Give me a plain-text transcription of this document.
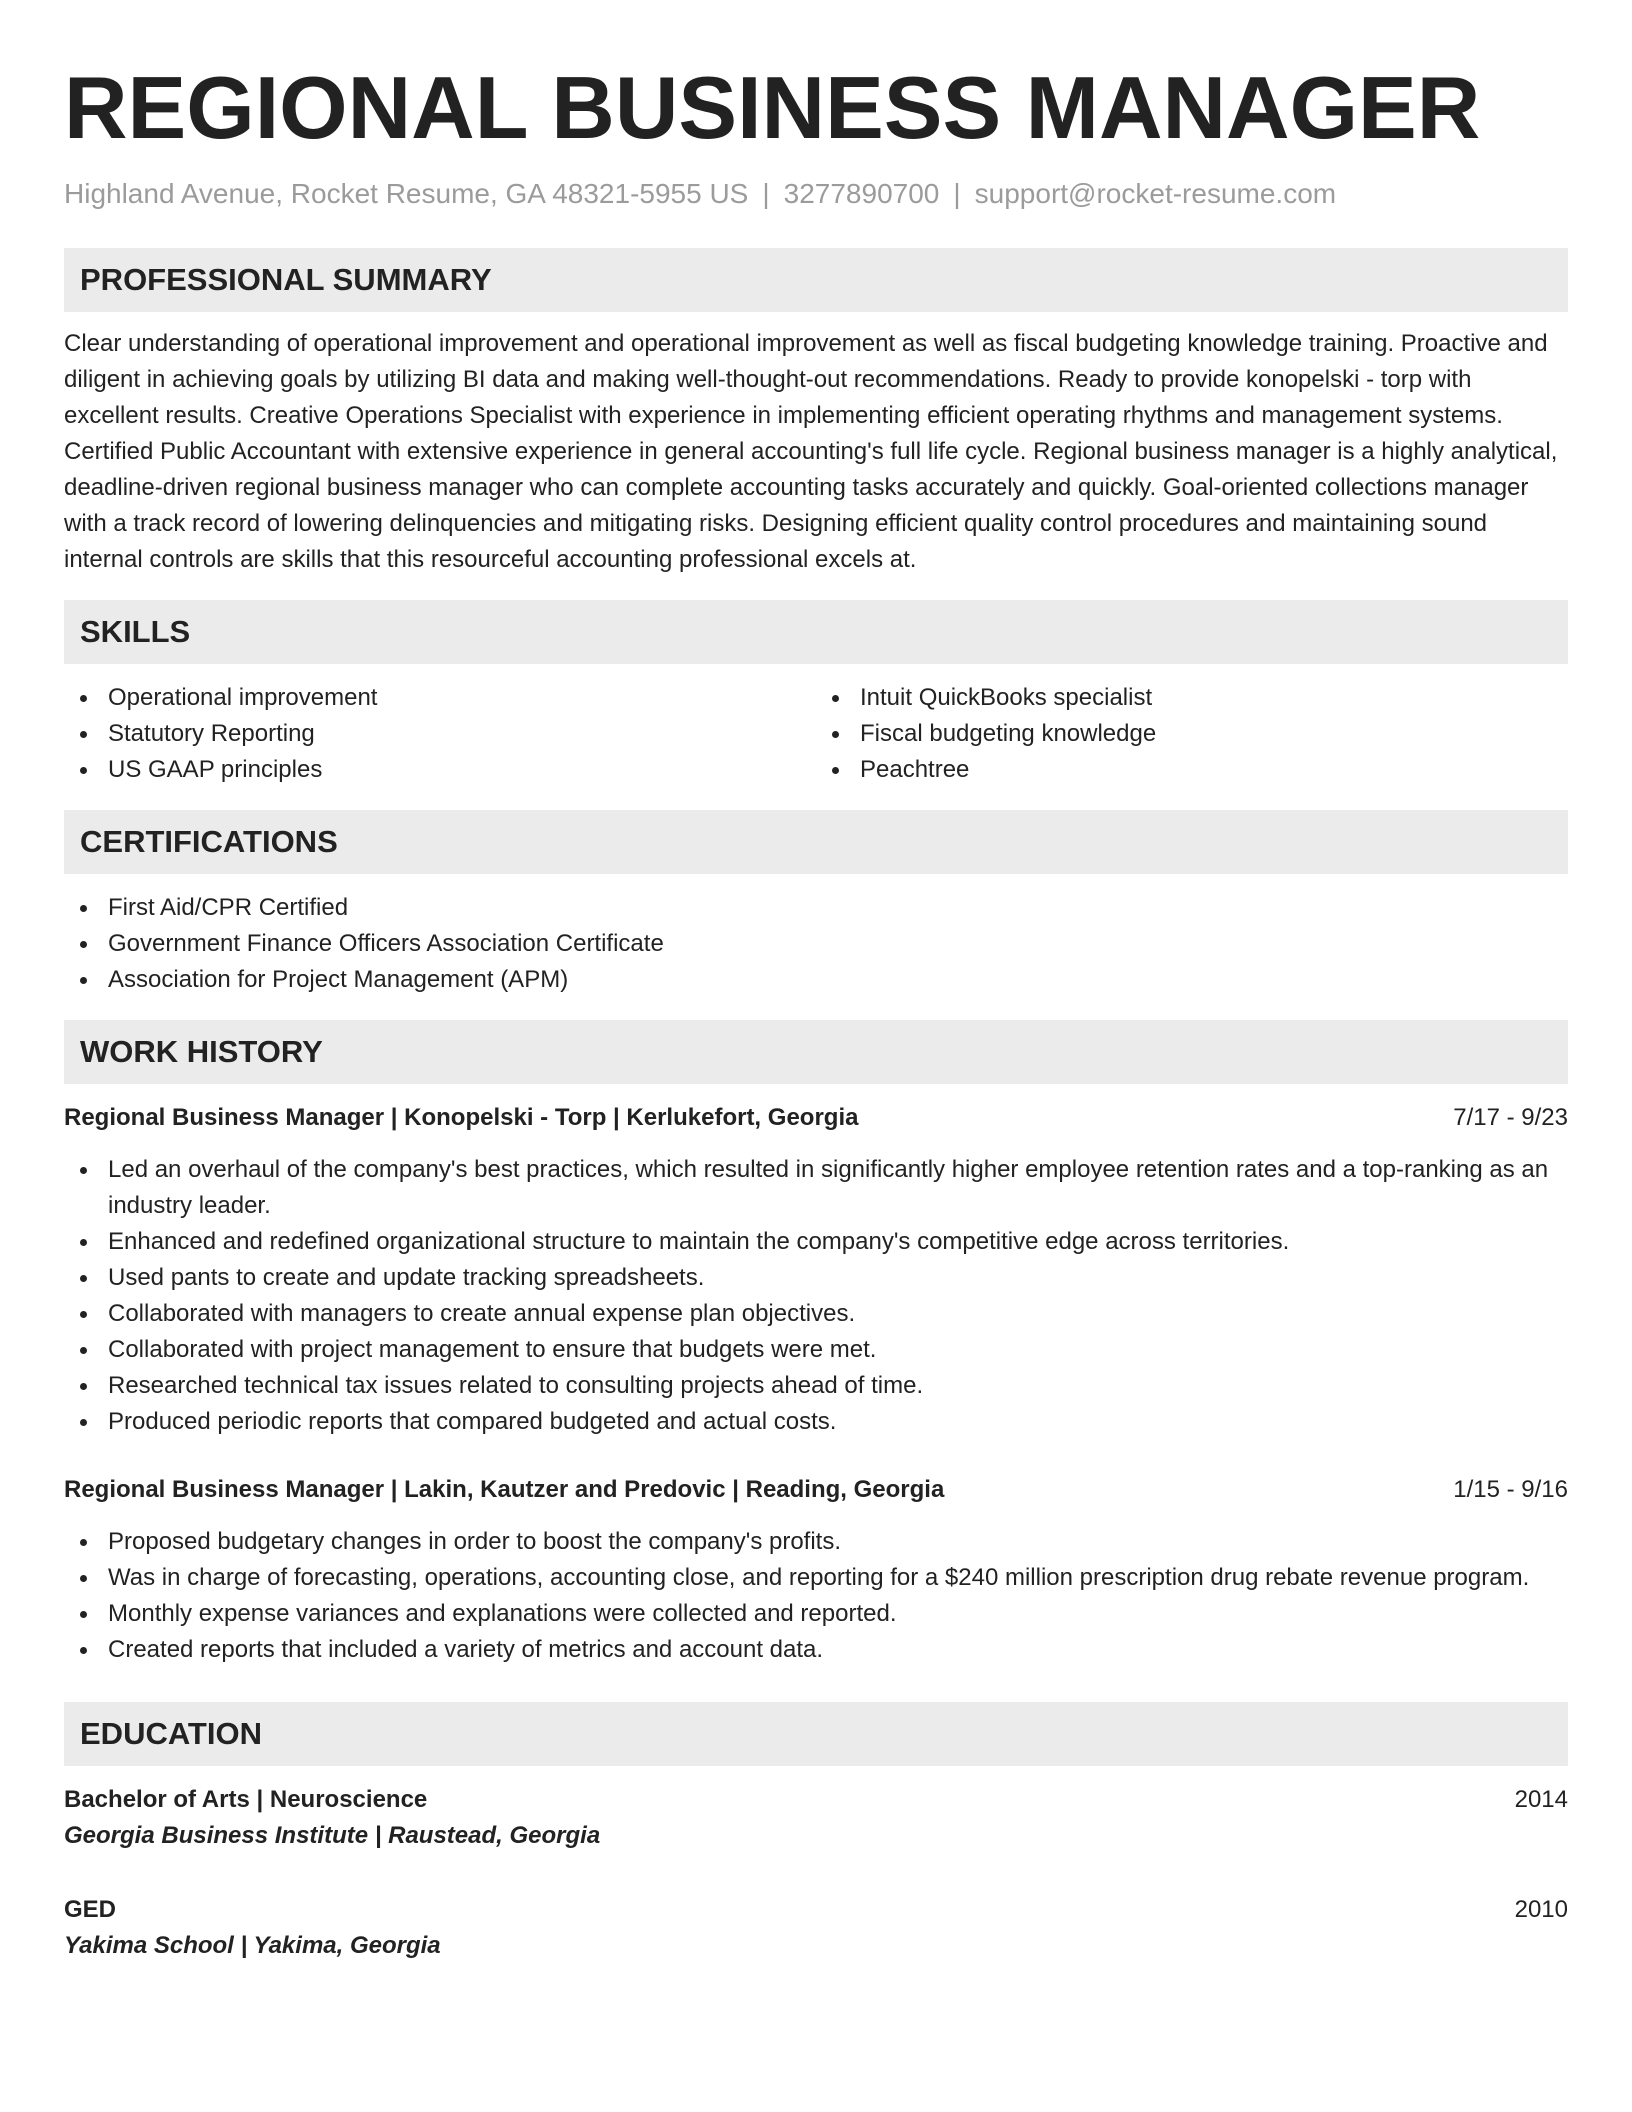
REGIONAL BUSINESS MANAGER
Highland Avenue, Rocket Resume, GA 48321-5955 US | 3277890700 | support@rocket-resume.com
PROFESSIONAL SUMMARY
Clear understanding of operational improvement and operational improvement as well as fiscal budgeting knowledge training. Proactive and diligent in achieving goals by utilizing BI data and making well-thought-out recommendations. Ready to provide konopelski - torp with excellent results. Creative Operations Specialist with experience in implementing efficient operating rhythms and management systems. Certified Public Accountant with extensive experience in general accounting's full life cycle. Regional business manager is a highly analytical, deadline-driven regional business manager who can complete accounting tasks accurately and quickly. Goal-oriented collections manager with a track record of lowering delinquencies and mitigating risks. Designing efficient quality control procedures and maintaining sound internal controls are skills that this resourceful accounting professional excels at.
SKILLS
Operational improvement
Statutory Reporting
US GAAP principles
Intuit QuickBooks specialist
Fiscal budgeting knowledge
Peachtree
CERTIFICATIONS
First Aid/CPR Certified
Government Finance Officers Association Certificate
Association for Project Management (APM)
WORK HISTORY
Regional Business Manager | Konopelski - Torp | Kerlukefort, Georgia	7/17 - 9/23
Led an overhaul of the company's best practices, which resulted in significantly higher employee retention rates and a top-ranking as an industry leader.
Enhanced and redefined organizational structure to maintain the company's competitive edge across territories.
Used pants to create and update tracking spreadsheets.
Collaborated with managers to create annual expense plan objectives.
Collaborated with project management to ensure that budgets were met.
Researched technical tax issues related to consulting projects ahead of time.
Produced periodic reports that compared budgeted and actual costs.
Regional Business Manager | Lakin, Kautzer and Predovic | Reading, Georgia	1/15 - 9/16
Proposed budgetary changes in order to boost the company's profits.
Was in charge of forecasting, operations, accounting close, and reporting for a $240 million prescription drug rebate revenue program.
Monthly expense variances and explanations were collected and reported.
Created reports that included a variety of metrics and account data.
EDUCATION
Bachelor of Arts | Neuroscience	2014
Georgia Business Institute | Raustead, Georgia
GED	2010
Yakima School | Yakima, Georgia
